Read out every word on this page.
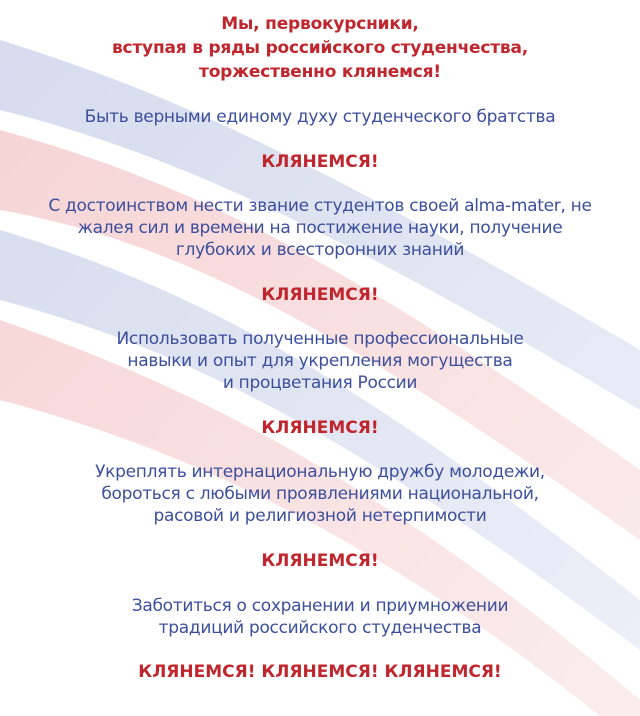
Мы, первокурсники,
вступая в ряды российского студенчества,
торжественно клянемся!
Быть верными единому духу студенческого братства
КЛЯНЕМСЯ!
С достоинством нести звание студентов своей alma-mater, не
жалея сил и времени на постижение науки, получение
глубоких и всесторонних знаний
КЛЯНЕМСЯ!
Использовать полученные профессиональные
навыки и опыт для укрепления могущества
и процветания России
КЛЯНЕМСЯ!
Укреплять интернациональную дружбу молодежи,
бороться с любыми проявлениями национальной,
расовой и религиозной нетерпимости
КЛЯНЕМСЯ!
Заботиться о сохранении и приумножении
традиций российского студенчества
КЛЯНЕМСЯ! КЛЯНЕМСЯ! КЛЯНЕМСЯ!
